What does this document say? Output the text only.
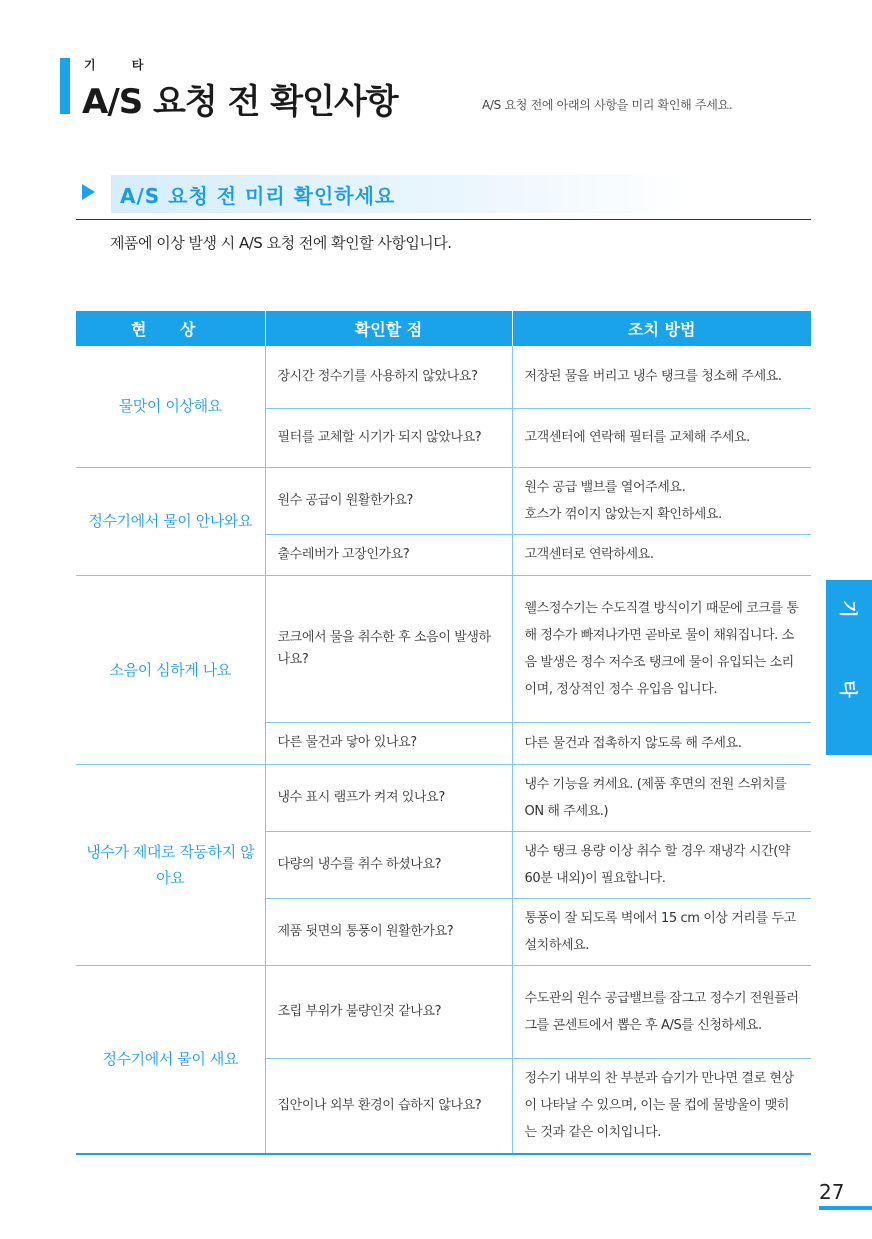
기 타
A/S 요청 전 확인사항	A/S 요청 전에 아래의 사항을 미리 확인해 주세요.
A/S 요청 전 미리 확인하세요
제품에 이상 발생 시 A/S 요청 전에 확인할 사항입니다.
현 상	확인할 점	조치 방법
물맛이 이상해요	장시간 정수기를 사용하지 않았나요?	저장된 물을 버리고 냉수 탱크를 청소해 주세요.
	필터를 교체할 시기가 되지 않았나요?	고객센터에 연락해 필터를 교체해 주세요.
정수기에서 물이 안나와요	원수 공급이 원활한가요?	원수 공급 밸브를 열어주세요.
호스가 꺾이지 않았는지 확인하세요.

	출수레버가 고장인가요?	고객센터로 연락하세요.
소음이 심하게 나요	코크에서 물을 취수한 후 소음이 발생하나요?	웰스정수기는 수도직결 방식이기 때문에 코크를 통해 정수가 빠져나가면 곧바로 물이 채워집니다. 소음 발생은 정수 저수조 탱크에 물이 유입되는 소리이며, 정상적인 정수 유입음 입니다.
	다른 물건과 닿아 있나요?	다른 물건과 접촉하지 않도록 해 주세요.
냉수가 제대로 작동하지 않아요	냉수 표시 램프가 켜져 있나요?	냉수 기능을 켜세요. (제품 후면의 전원 스위치를 ON 해 주세요.)
	다량의 냉수를 취수 하셨나요?	냉수 탱크 용량 이상 취수 할 경우 재냉각 시간(약 60분 내외)이 필요합니다.
	제품 뒷면의 통풍이 원활한가요?	통풍이 잘 되도록 벽에서 15 cm 이상 거리를 두고 설치하세요.
정수기에서 물이 새요	조립 부위가 불량인것 같나요?	수도관의 원수 공급밸브를 잠그고 정수기 전원플러그를 콘센트에서 뽑은 후 A/S를 신청하세요.
	집안이나 외부 환경이 습하지 않나요?	정수기 내부의 찬 부분과 습기가 만나면 결로 현상이 나타날 수 있으며, 이는 물 컵에 물방울이 맺히는 것과 같은 이치입니다.
기
타
27
